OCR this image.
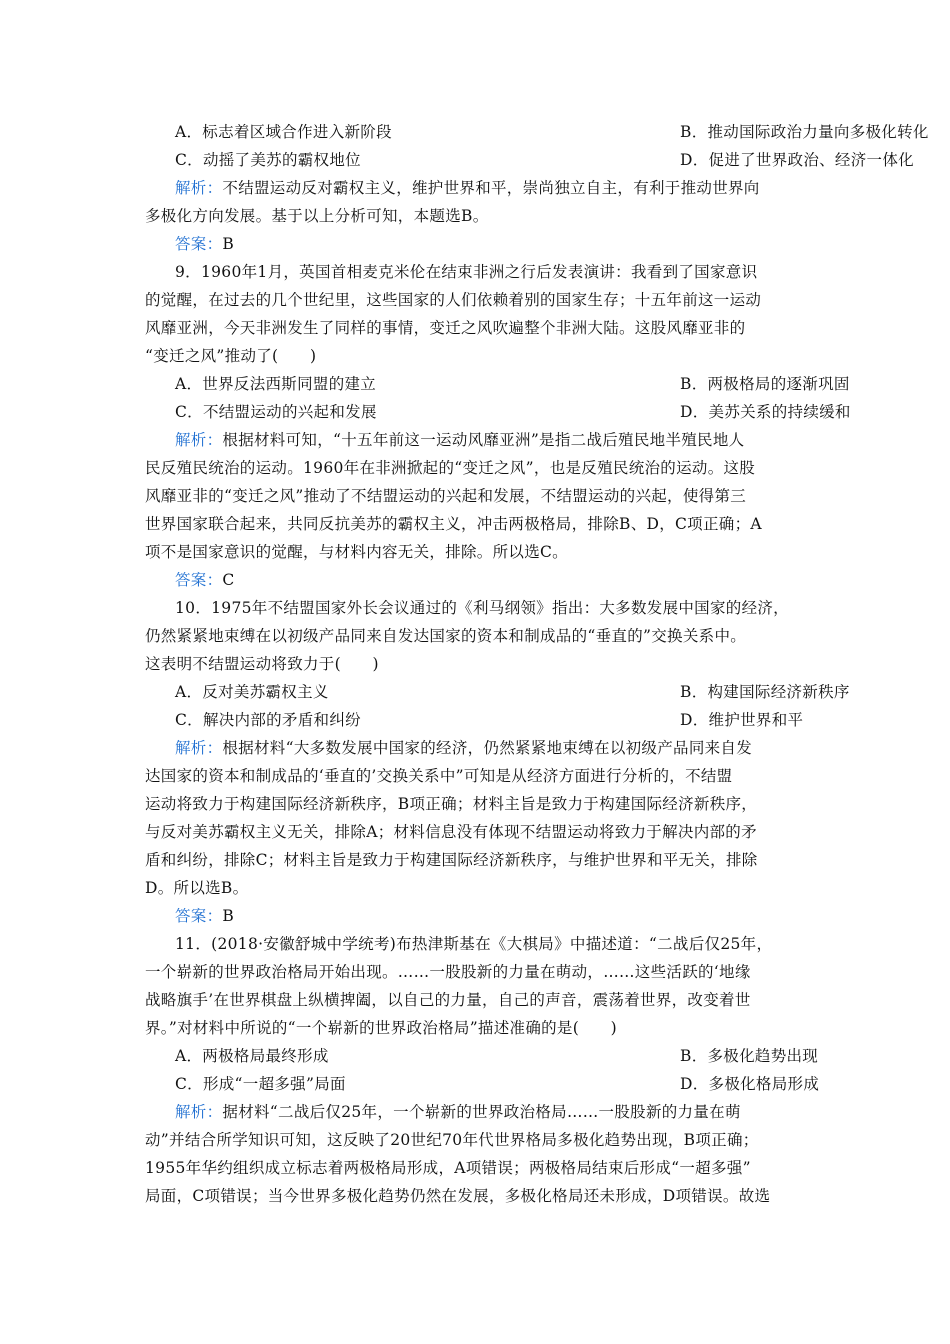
A．标志着区域合作进入新阶段	B．推动国际政治力量向多极化转化
C．动摇了美苏的霸权地位	D．促进了世界政治、经济一体化
解析：不结盟运动反对霸权主义，维护世界和平，崇尚独立自主，有利于推动世界向
多极化方向发展。基于以上分析可知，本题选B。
答案：B
9．1960年1月，英国首相麦克米伦在结束非洲之行后发表演讲：我看到了国家意识
的觉醒，在过去的几个世纪里，这些国家的人们依赖着别的国家生存；十五年前这一运动
风靡亚洲，今天非洲发生了同样的事情，变迁之风吹遍整个非洲大陆。这股风靡亚非的
“变迁之风”推动了(　　)
A．世界反法西斯同盟的建立	B．两极格局的逐渐巩固
C．不结盟运动的兴起和发展	D．美苏关系的持续缓和
解析：根据材料可知，“十五年前这一运动风靡亚洲”是指二战后殖民地半殖民地人
民反殖民统治的运动。1960年在非洲掀起的“变迁之风”，也是反殖民统治的运动。这股
风靡亚非的“变迁之风”推动了不结盟运动的兴起和发展，不结盟运动的兴起，使得第三
世界国家联合起来，共同反抗美苏的霸权主义，冲击两极格局，排除B、D，C项正确；A
项不是国家意识的觉醒，与材料内容无关，排除。所以选C。
答案：C
10．1975年不结盟国家外长会议通过的《利马纲领》指出：大多数发展中国家的经济，
仍然紧紧地束缚在以初级产品同来自发达国家的资本和制成品的“垂直的”交换关系中。
这表明不结盟运动将致力于(　　)
A．反对美苏霸权主义	B．构建国际经济新秩序
C．解决内部的矛盾和纠纷	D．维护世界和平
解析：根据材料“大多数发展中国家的经济，仍然紧紧地束缚在以初级产品同来自发
达国家的资本和制成品的‘垂直的’交换关系中”可知是从经济方面进行分析的，不结盟
运动将致力于构建国际经济新秩序，B项正确；材料主旨是致力于构建国际经济新秩序，
与反对美苏霸权主义无关，排除A；材料信息没有体现不结盟运动将致力于解决内部的矛
盾和纠纷，排除C；材料主旨是致力于构建国际经济新秩序，与维护世界和平无关，排除
D。所以选B。
答案：B
11．(2018·安徽舒城中学统考)布热津斯基在《大棋局》中描述道：“二战后仅25年，
一个崭新的世界政治格局开始出现。……一股股新的力量在萌动，……这些活跃的‘地缘
战略旗手’在世界棋盘上纵横捭阖，以自己的力量，自己的声音，震荡着世界，改变着世
界。”对材料中所说的“一个崭新的世界政治格局”描述准确的是(　　)
A．两极格局最终形成	B．多极化趋势出现
C．形成“一超多强”局面	D．多极化格局形成
解析：据材料“二战后仅25年，一个崭新的世界政治格局……一股股新的力量在萌
动”并结合所学知识可知，这反映了20世纪70年代世界格局多极化趋势出现，B项正确；
1955年华约组织成立标志着两极格局形成，A项错误；两极格局结束后形成“一超多强”
局面，C项错误；当今世界多极化趋势仍然在发展，多极化格局还未形成，D项错误。故选
